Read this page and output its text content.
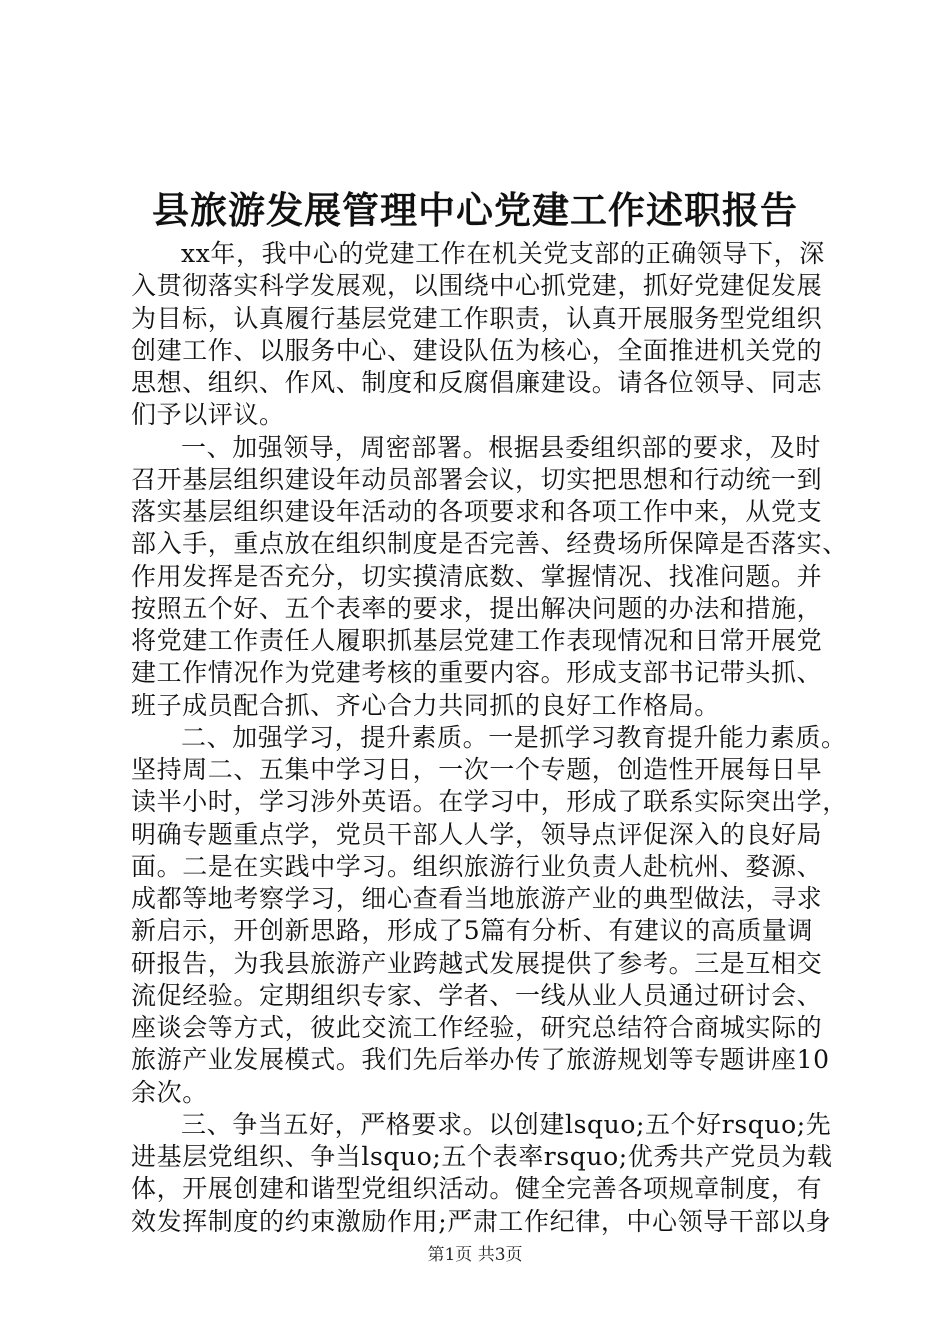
县旅游发展管理中心党建工作述职报告
xx年，我中心的党建工作在机关党支部的正确领导下，深
入贯彻落实科学发展观，以围绕中心抓党建，抓好党建促发展
为目标，认真履行基层党建工作职责，认真开展服务型党组织
创建工作、以服务中心、建设队伍为核心，全面推进机关党的
思想、组织、作风、制度和反腐倡廉建设。请各位领导、同志
们予以评议。
一、加强领导，周密部署。根据县委组织部的要求，及时
召开基层组织建设年动员部署会议，切实把思想和行动统一到
落实基层组织建设年活动的各项要求和各项工作中来，从党支
部入手，重点放在组织制度是否完善、经费场所保障是否落实、
作用发挥是否充分，切实摸清底数、掌握情况、找准问题。并
按照五个好、五个表率的要求，提出解决问题的办法和措施，
将党建工作责任人履职抓基层党建工作表现情况和日常开展党
建工作情况作为党建考核的重要内容。形成支部书记带头抓、
班子成员配合抓、齐心合力共同抓的良好工作格局。
二、加强学习，提升素质。一是抓学习教育提升能力素质。
坚持周二、五集中学习日，一次一个专题，创造性开展每日早
读半小时，学习涉外英语。在学习中，形成了联系实际突出学，
明确专题重点学，党员干部人人学，领导点评促深入的良好局
面。二是在实践中学习。组织旅游行业负责人赴杭州、婺源、
成都等地考察学习，细心查看当地旅游产业的典型做法，寻求
新启示，开创新思路，形成了5篇有分析、有建议的高质量调
研报告，为我县旅游产业跨越式发展提供了参考。三是互相交
流促经验。定期组织专家、学者、一线从业人员通过研讨会、
座谈会等方式，彼此交流工作经验，研究总结符合商城实际的
旅游产业发展模式。我们先后举办传了旅游规划等专题讲座10
余次。
三、争当五好，严格要求。以创建lsquo;五个好rsquo;先
进基层党组织、争当lsquo;五个表率rsquo;优秀共产党员为载
体，开展创建和谐型党组织活动。健全完善各项规章制度，有
效发挥制度的约束激励作用;严肃工作纪律，中心领导干部以身
第1页 共3页
